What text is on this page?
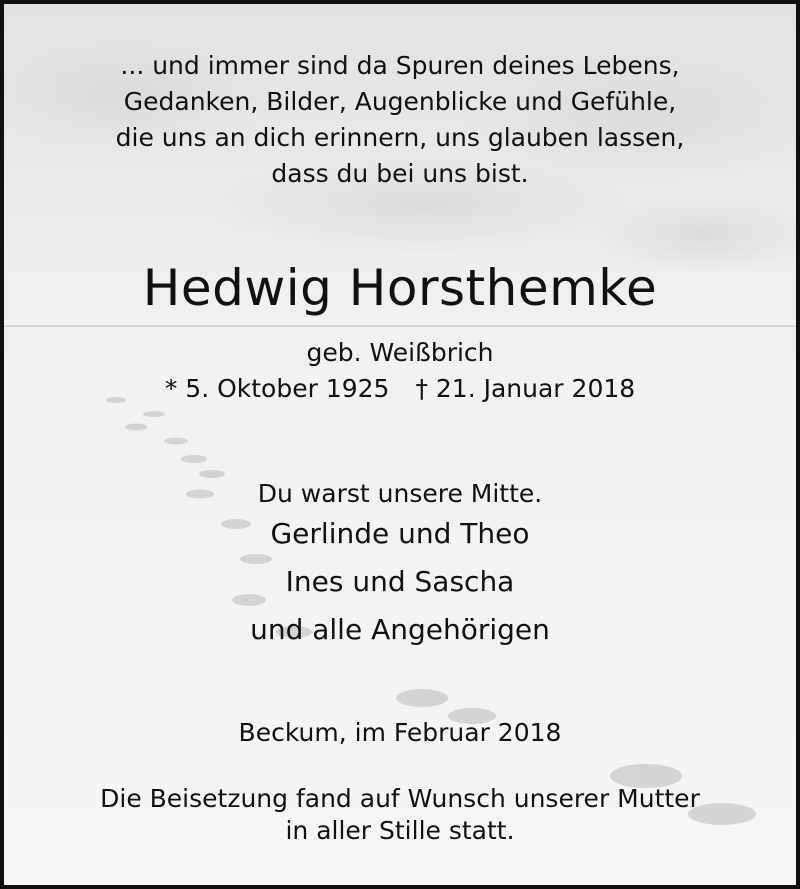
... und immer sind da Spuren deines Lebens,
Gedanken, Bilder, Augenblicke und Gefühle,
die uns an dich erinnern, uns glauben lassen,
dass du bei uns bist.
Hedwig Horsthemke
geb. Weißbrich
* 5. Oktober 1925 † 21. Januar 2018
Du warst unsere Mitte.
Gerlinde und Theo
Ines und Sascha
und alle Angehörigen
Beckum, im Februar 2018
Die Beisetzung fand auf Wunsch unserer Mutter
in aller Stille statt.
